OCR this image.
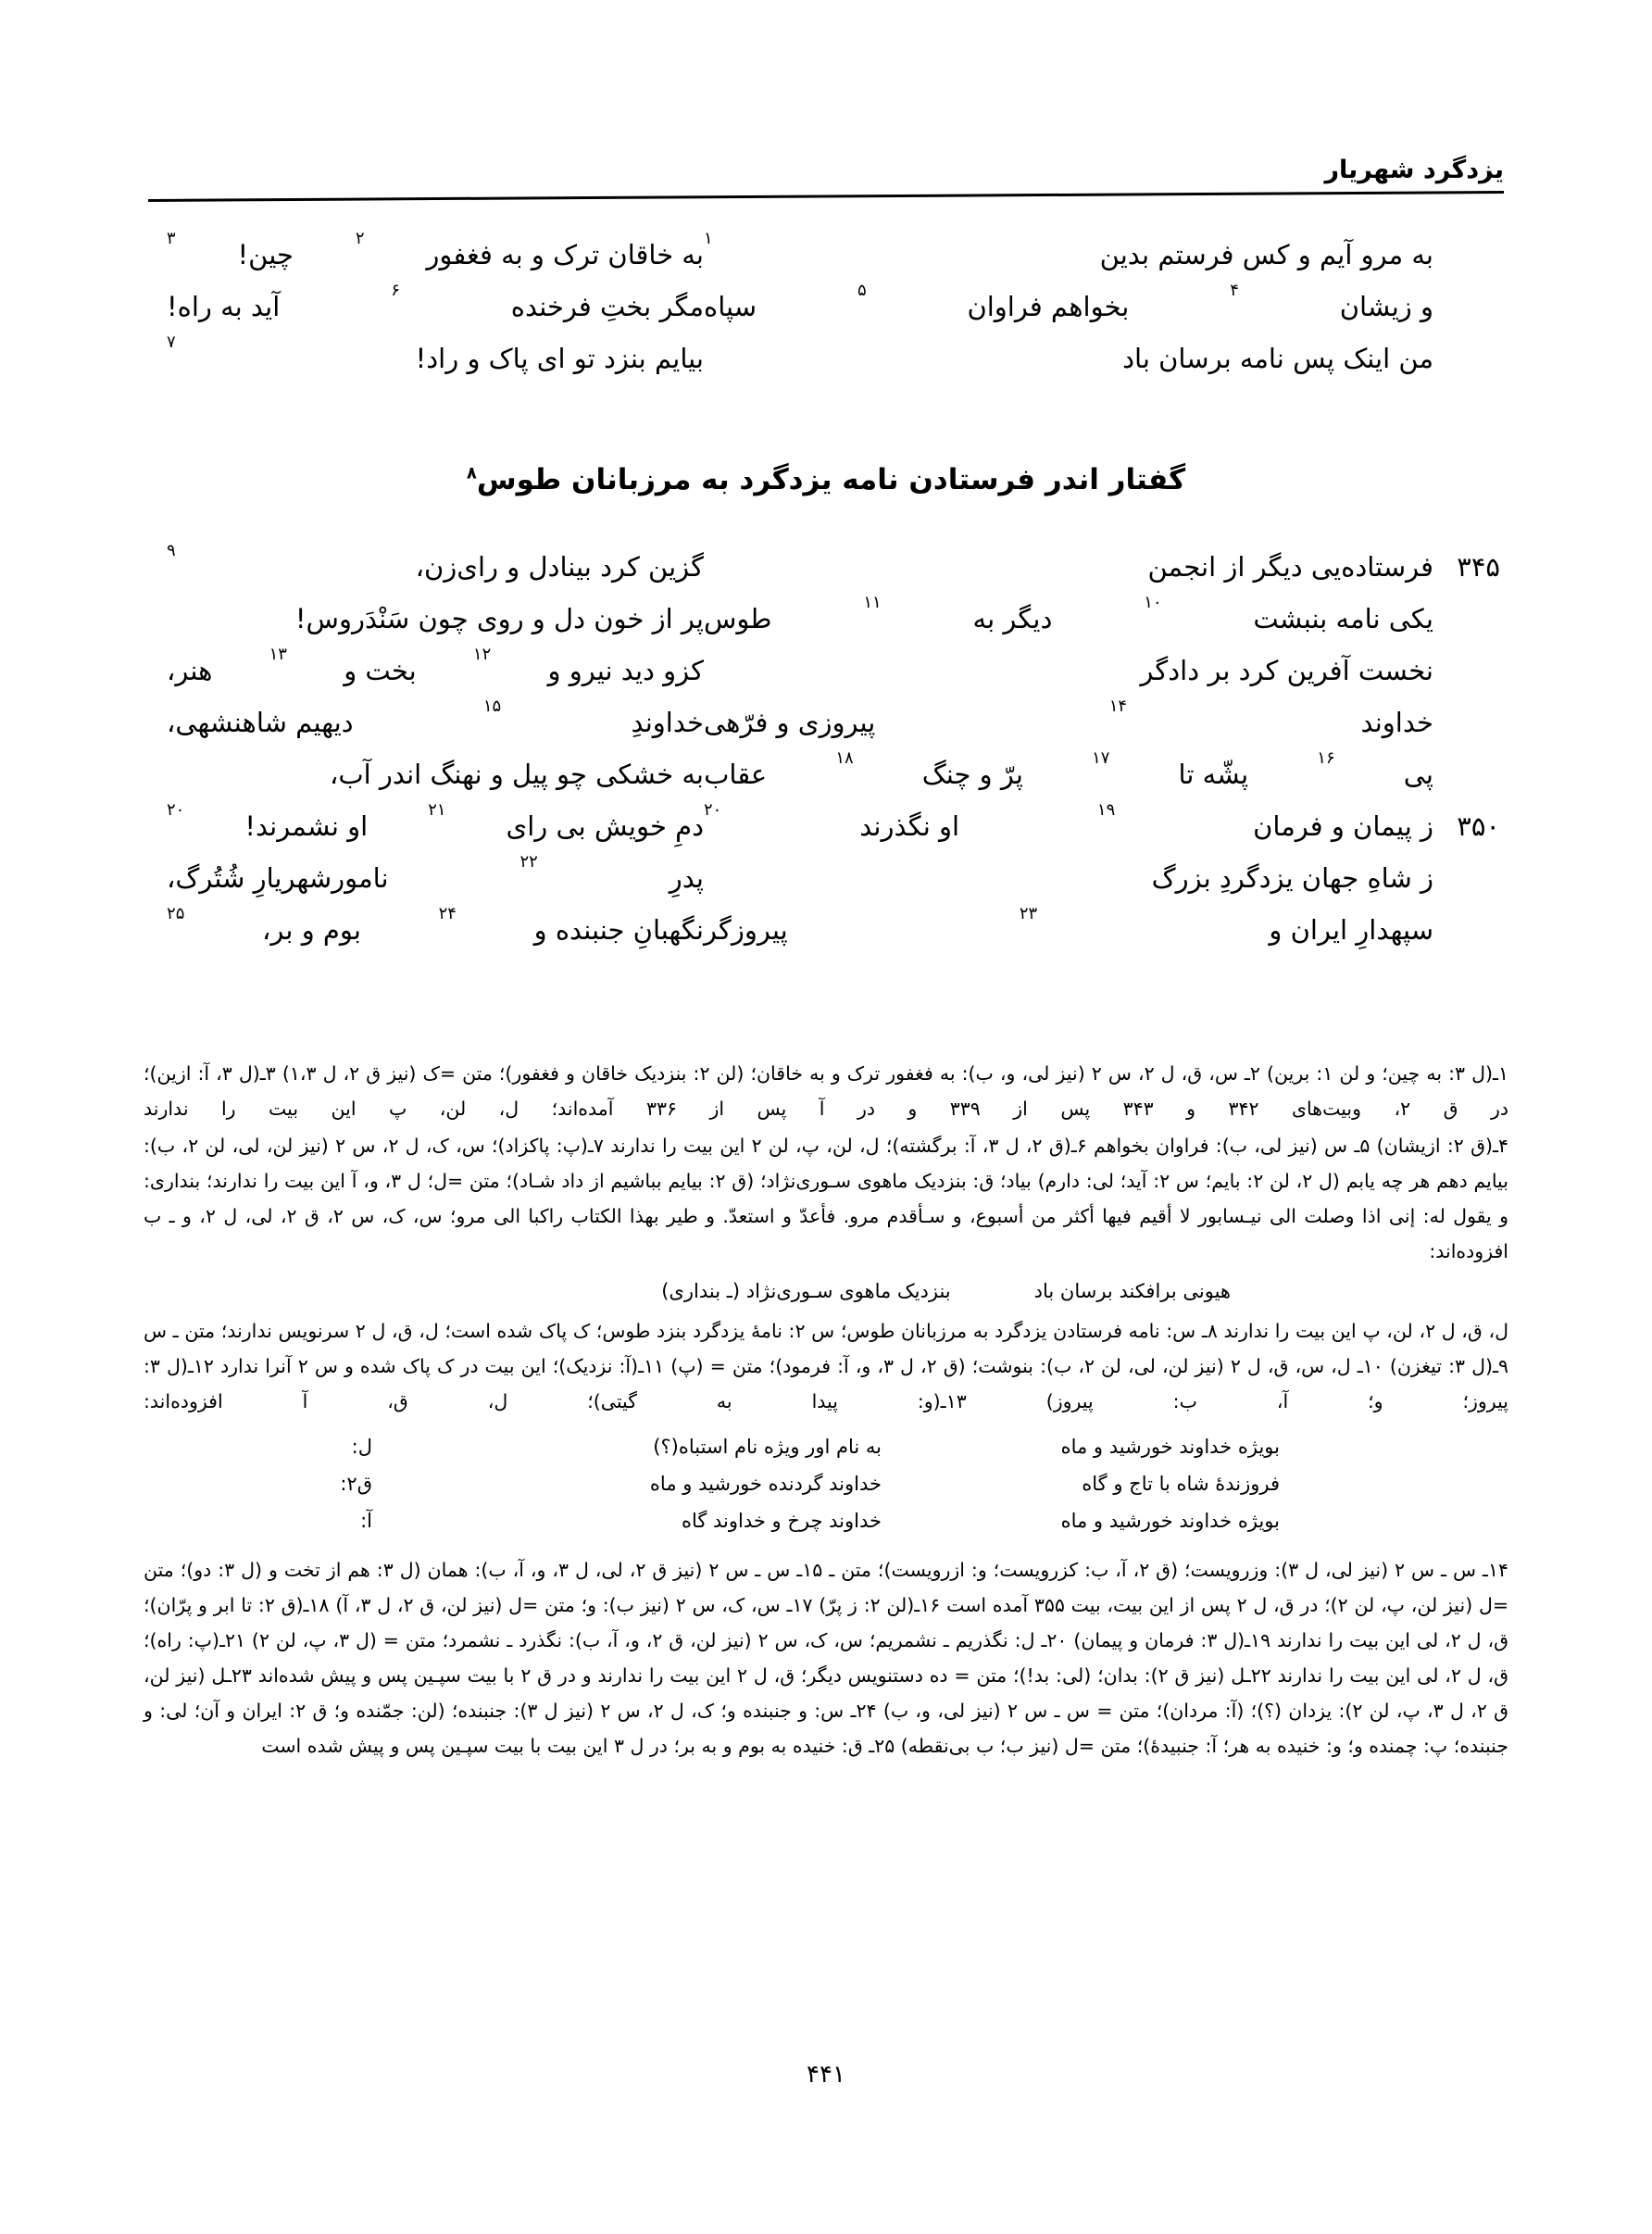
یزدگرد شهریار
به مرو آیم و کس فرستم بدین
۱
به خاقان ترک و به فغفور
۲
چین!
۳
و زیشان
۴
بخواهم فراوان
۵
سپاه
مگر بختِ فرخنده
۶
آید به راه!
من اینک پس نامه برسان باد
بیایم بنزد تو ای پاک و راد!
۷
گفتار اندر فرستادن نامه یزدگرد به مرزبانان طوس$^۸$
۳۴۵
فرستاده‌یی دیگر از انجمن
گزین کرد بینادل و رای‌زن،
۹
یکی نامه بنبشت
۱۰
دیگر به
۱۱
طوس
پر از خون دل و روی چون سَنْدَروس!
نخست آفرین کرد بر دادگر
کزو دید نیرو و
۱۲
بخت و
۱۳
هنر،
خداوند
۱۴
پیروزی و فرّهی
خداوندِ
۱۵
دیهیم شاهنشهی،
پی
۱۶
پشّه تا
۱۷
پرّ و چنگ
۱۸
عقاب
به خشکی چو پیل و نهنگ اندر آب،
۳۵۰
ز پیمان و فرمان
۱۹
او نگذرند
۲۰
دمِ خویش بی رای
۲۱
او نشمرند!
۲۰
ز شاهِ جهان یزدگردِ بزرگ
پدرِ
۲۲
نامورشهریارِ شُتُرگ،
سپهدارِ ایران و
۲۳
پیروزگر
نگهبانِ جنبنده و
۲۴
بوم و بر،
۲۵

۱ـ(ل ۳: به چین؛ و لن ۱: برین) ۲ـ س، ق، ل ۲، س ۲ (نیز لی، و، ب): به فغفور ترک و به خاقان؛ (لن ۲: بنزدیک خاقان و فغفور)؛ متن =ک (نیز ق ۲، ل ۱،۳) ۳ـ(ل ۳، آ: ازین)؛ در ق ۲، وبیت‌های ۳۴۲ و ۳۴۳ پس از ۳۳۹ و در آ پس از ۳۳۶ آمده‌اند؛ ل، لن، پ این بیت را ندارند

۴ـ(ق ۲: ازیشان) ۵ـ س (نیز لی، ب): فراوان بخواهم ۶ـ(ق ۲، ل ۳، آ: برگشته)؛ ل، لن، پ، لن ۲ این بیت را ندارند ۷ـ(پ: پاکزاد)؛ س، ک، ل ۲، س ۲ (نیز لن، لی، لن ۲، ب): بیایم دهم هر چه یابم (ل ۲، لن ۲: بایم؛ س ۲: آید؛ لی: دارم) بیاد؛ ق: بنزدیک ماهوی سـوری‌نژاد؛ (ق ۲: بیایم بباشیم از داد شـاد)؛ متن =ل؛ ل ۳، و، آ این بیت را ندارند؛ بنداری: و یقول له: إنی اذا وصلت الی نیـسابور لا أقیم فیها أکثر من أسبوع، و سـأقدم مرو. فأعدّ و استعدّ. و طیر بهذا الکتاب راکبا الی مرو؛ س، ک، س ۲، ق ۲، لی، ل ۲، و ـ ب افزوده‌اند:

هیونی برافکند برسان باد
بنزدیک ماهوی سـوری‌نژاد (ـ بنداری)

ل، ق، ل ۲، لن، پ این بیت را ندارند ۸ـ س: نامه فرستادن یزدگرد به مرزبانان طوس؛ س ۲: نامهٔ یزدگرد بنزد طوس؛ ک پاک شده است؛ ل، ق، ل ۲ سرنویس ندارند؛ متن ـ س ۹ـ(ل ۳: تیغزن) ۱۰ـ ل، س، ق، ل ۲ (نیز لن، لی، لن ۲، ب): بنوشت؛ (ق ۲، ل ۳، و، آ: فرمود)؛ متن = (پ) ۱۱ـ(آ: نزدیک)؛ این بیت در ک پاک شده و س ۲ آنرا ندارد ۱۲ـ(ل ۳: پیروز؛ و؛ آ، ب: پیروز) ۱۳ـ(و: پیدا به گیتی)؛ ل، ق، آ افزوده‌اند:

بویژه خداوند خورشید و ماه
به نام اور ویژه نام استباه(؟)
ل:
فروزندهٔ شاه با تاج و گاه
خداوند گردنده خورشید و ماه
ق۲:
بویژه خداوند خورشید و ماه
خداوند چرخ و خداوند گاه
آ:

۱۴ـ س ـ س ۲ (نیز لی، ل ۳): وزرویست؛ (ق ۲، آ، ب: کزرویست؛ و: ازرویست)؛ متن ـ ۱۵ـ س ـ س ۲ (نیز ق ۲، لی، ل ۳، و، آ، ب): همان (ل ۳: هم از تخت و (ل ۳: دو)؛ متن =ل (نیز لن، پ، لن ۲)؛ در ق، ل ۲ پس از این بیت، بیت ۳۵۵ آمده است ۱۶ـ(لن ۲: ز پرّ) ۱۷ـ س، ک، س ۲ (نیز ب): و؛ متن =ل (نیز لن، ق ۲، ل ۳، آ) ۱۸ـ(ق ۲: تا ابر و پرّان)؛ ق، ل ۲، لی این بیت را ندارند ۱۹ـ(ل ۳: فرمان و پیمان) ۲۰ـ ل: نگذریم ـ نشمریم؛ س، ک، س ۲ (نیز لن، ق ۲، و، آ، ب): نگذرد ـ نشمرد؛ متن = (ل ۳، پ، لن ۲) ۲۱ـ(پ: راه)؛ ق، ل ۲، لی این بیت را ندارند ۲۲ـل (نیز ق ۲): بدان؛ (لی: بد!)؛ متن = ده دستنویس دیگر؛ ق، ل ۲ این بیت را ندارند و در ق ۲ با بیت سپـین پس و پیش شده‌اند ۲۳ـل (نیز لن، ق ۲، ل ۳، پ، لن ۲): یزدان (؟)؛ (آ: مردان)؛ متن = س ـ س ۲ (نیز لی، و، ب) ۲۴ـ س: و جنبنده و؛ ک، ل ۲، س ۲ (نیز ل ۳): جنبنده؛ (لن: جمّنده و؛ ق ۲: ایران و آن؛ لی: و جنبنده؛ پ: چمنده و؛ و: خنیده به هر؛ آ: جنبیدهٔ)؛ متن =ل (نیز ب؛ ب بی‌نقطه) ۲۵ـ ق: خنیده به بوم و به بر؛ در ل ۳ این بیت با بیت سپـین پس و پیش شده است

۴۴۱
